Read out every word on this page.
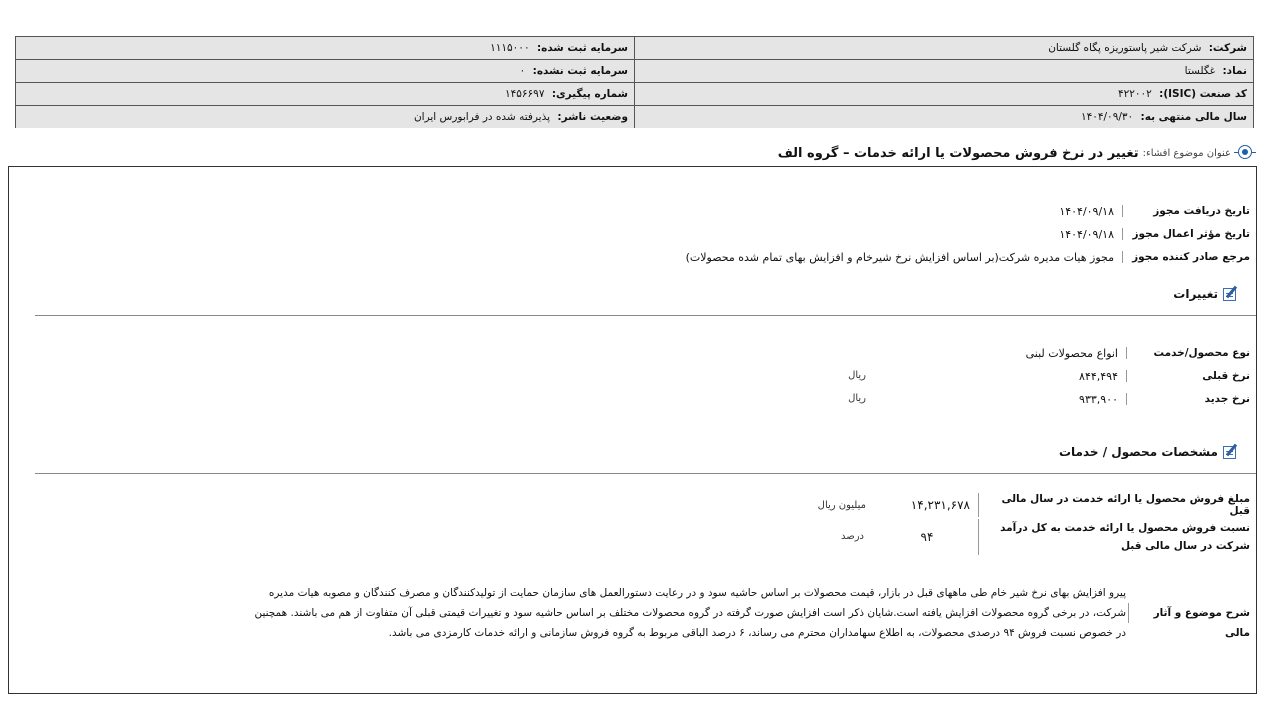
شرکت: شرکت شیر پاستوریزه پگاه گلستان
سرمایه ثبت شده: ۱۱۱۵۰۰۰
نماد: غگلستا
سرمایه ثبت نشده: ۰
کد صنعت (ISIC): ۴۲۲۰۰۲
شماره پیگیری: ۱۴۵۶۶۹۷
سال مالی منتهی به: ۱۴۰۴/۰۹/۳۰
وضعیت ناشر: پذیرفته شده در فرابورس ایران
عنوان موضوع افشاء:
تغییر در نرخ فروش محصولات یا ارائه خدمات – گروه الف
تاریخ دریافت مجوز
۱۴۰۴/۰۹/۱۸
تاریخ مؤثر اعمال مجوز
۱۴۰۴/۰۹/۱۸
مرجع صادر کننده مجوز
مجوز هیات مدیره شرکت(بر اساس افزایش نرخ شیرخام و افزایش بهای تمام شده محصولات)
تغییرات
نوع محصول/خدمت
انواع محصولات لبنی
نرخ قبلی
۸۴۴,۴۹۴
ریال
نرخ جدید
۹۳۳,۹۰۰
ریال
مشخصات محصول / خدمات
مبلغ فروش محصول یا ارائه خدمت در سال مالی قبل
۱۴,۲۳۱,۶۷۸
میلیون ریال
نسبت فروش محصول یا ارائه خدمت به کل درآمد
شرکت در سال مالی قبل
۹۴
درصد
شرح موضوع و آثار مالی
پیرو افزایش بهای نرخ شیر خام طی ماههای قبل در بازار، قیمت محصولات بر اساس حاشیه سود و در رعایت دستورالعمل های سازمان حمایت از تولیدکنندگان و مصرف کنندگان و مصوبه هیات مدیره
شرکت، در برخی گروه محصولات افزایش یافته است.شایان ذکر است افزایش صورت گرفته در گروه محصولات مختلف بر اساس حاشیه سود و تغییرات قیمتی قبلی آن متفاوت از هم می باشند. همچنین
در خصوص نسبت فروش ۹۴ درصدی محصولات، به اطلاع سهامداران محترم می رساند، ۶ درصد الباقی مربوط به گروه فروش سازمانی و ارائه خدمات کارمزدی می باشد.
